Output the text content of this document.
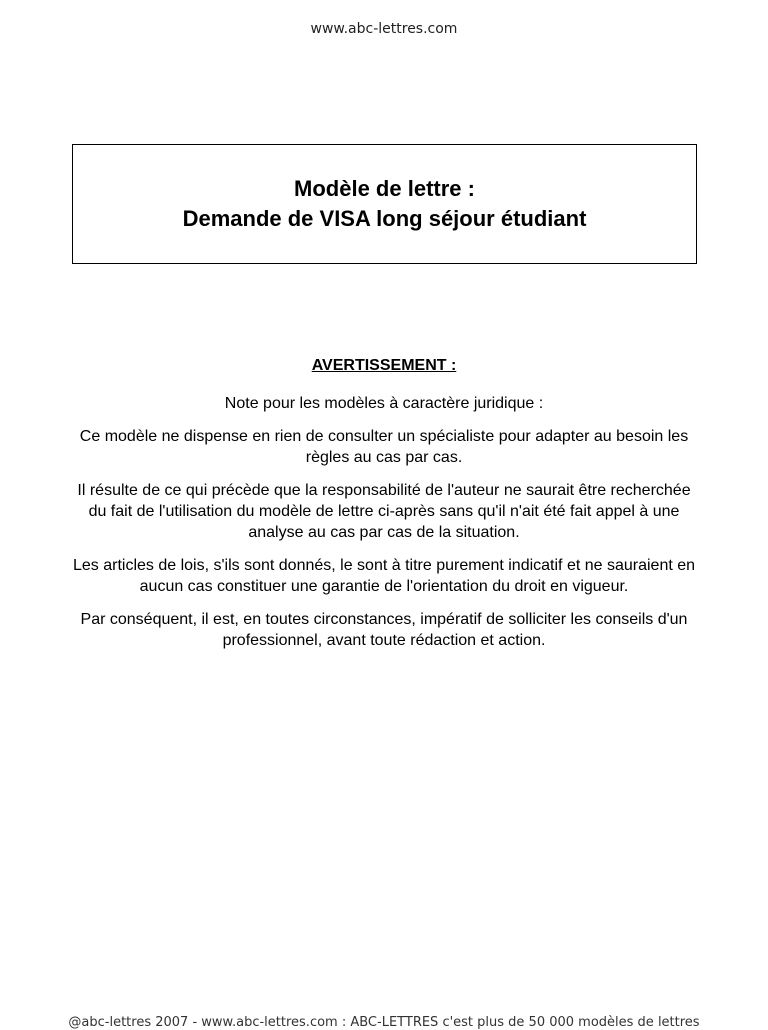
www.abc-lettres.com
Modèle de lettre :
Demande de VISA long séjour étudiant
AVERTISSEMENT :

Note pour les modèles à caractère juridique :

Ce modèle ne dispense en rien de consulter un spécialiste pour adapter au besoin les règles au cas par cas.

Il résulte de ce qui précède que la responsabilité de l'auteur ne saurait être recherchée du fait de l'utilisation du modèle de lettre ci-après sans qu'il n'ait été fait appel à une analyse au cas par cas de la situation.

Les articles de lois, s'ils sont donnés, le sont à titre purement indicatif et ne sauraient en aucun cas constituer une garantie de l'orientation du droit en vigueur.

Par conséquent, il est, en toutes circonstances, impératif de solliciter les conseils d'un professionnel, avant toute rédaction et action.

@abc-lettres 2007 - www.abc-lettres.com : ABC-LETTRES c'est plus de 50 000 modèles de lettres
